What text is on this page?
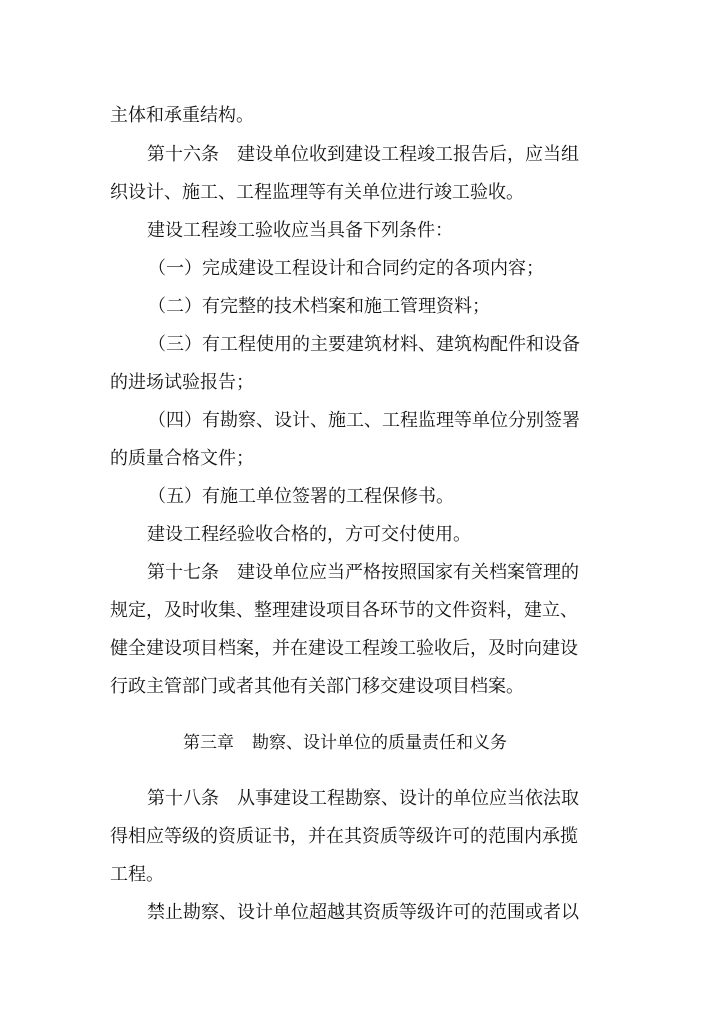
主体和承重结构。
第十六条 建设单位收到建设工程竣工报告后，应当组
织设计、施工、工程监理等有关单位进行竣工验收。
建设工程竣工验收应当具备下列条件：
（一）完成建设工程设计和合同约定的各项内容；
（二）有完整的技术档案和施工管理资料；
（三）有工程使用的主要建筑材料、建筑构配件和设备
的进场试验报告；
（四）有勘察、设计、施工、工程监理等单位分别签署
的质量合格文件；
（五）有施工单位签署的工程保修书。
建设工程经验收合格的，方可交付使用。
第十七条 建设单位应当严格按照国家有关档案管理的
规定，及时收集、整理建设项目各环节的文件资料，建立、
健全建设项目档案，并在建设工程竣工验收后，及时向建设
行政主管部门或者其他有关部门移交建设项目档案。
第三章 勘察、设计单位的质量责任和义务
第十八条 从事建设工程勘察、设计的单位应当依法取
得相应等级的资质证书，并在其资质等级许可的范围内承揽
工程。
禁止勘察、设计单位超越其资质等级许可的范围或者以
